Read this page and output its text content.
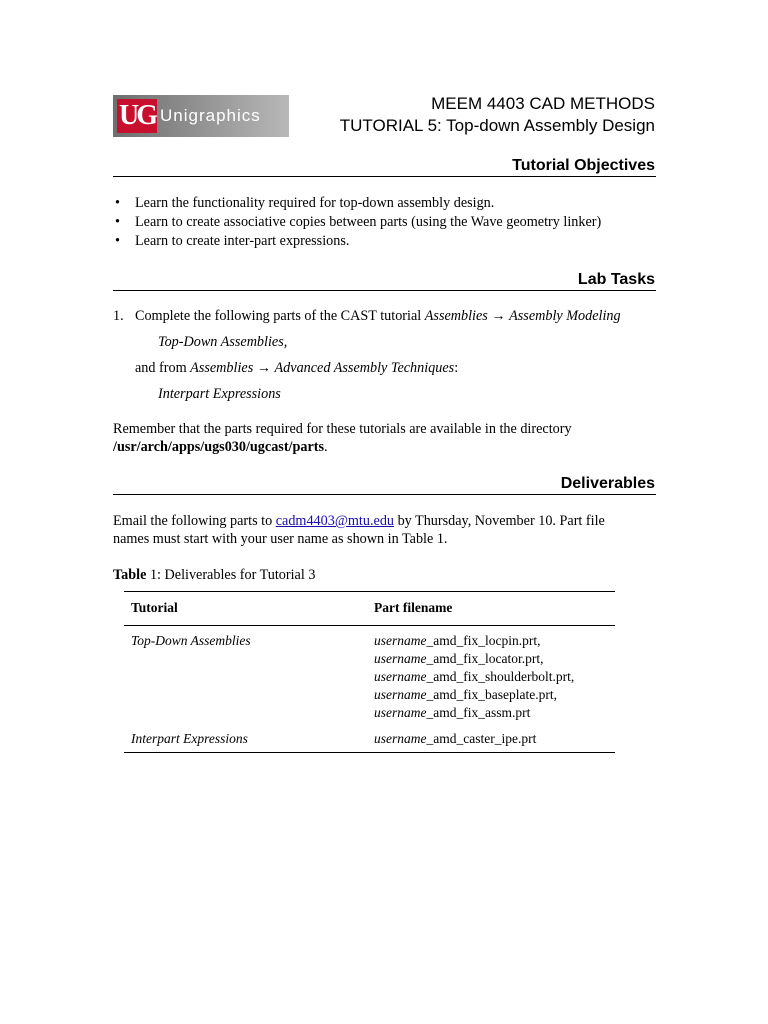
UG Unigraphics
MEEM 4403 CAD METHODS
TUTORIAL 5: Top-down Assembly Design
Tutorial Objectives
• Learn the functionality required for top-down assembly design.
• Learn to create associative copies between parts (using the Wave geometry linker)
• Learn to create inter-part expressions.
Lab Tasks
1. Complete the following parts of the CAST tutorial Assemblies → Assembly Modeling
Top-Down Assemblies,
and from Assemblies → Advanced Assembly Techniques:
Interpart Expressions
Remember that the parts required for these tutorials are available in the directory
/usr/arch/apps/ugs030/ugcast/parts.
Deliverables
Email the following parts to cadm4403@mtu.edu by Thursday, November 10. Part file
names must start with your user name as shown in Table 1.
Table 1: Deliverables for Tutorial 3
Tutorial	Part filename
Top-Down Assemblies	username_amd_fix_locpin.prt,
username_amd_fix_locator.prt,
username_amd_fix_shoulderbolt.prt,
username_amd_fix_baseplate.prt,
username_amd_fix_assm.prt

Interpart Expressions	username_amd_caster_ipe.prt
